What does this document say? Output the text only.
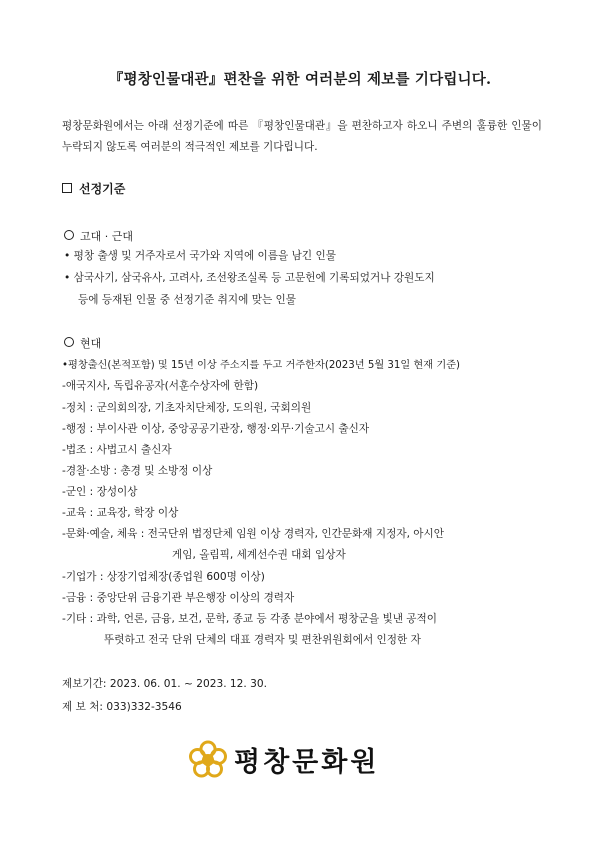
『평창인물대관』편찬을 위한 여러분의 제보를 기다립니다.
평창문화원에서는 아래 선정기준에 따른 『평창인물대관』을 편찬하고자 하오니 주변의 훌륭한 인물이 누락되지 않도록 여러분의 적극적인 제보를 기다립니다.
선정기준
고대 · 근대
• 평창 출생 및 거주자로서 국가와 지역에 이름을 남긴 인물
• 삼국사기, 삼국유사, 고려사, 조선왕조실록 등 고문헌에 기록되었거나 강원도지
등에 등재된 인물 중 선정기준 취지에 맞는 인물
현대
•평창출신(본적포함) 및 15년 이상 주소지를 두고 거주한자(2023년 5월 31일 현재 기준)
-애국지사, 독립유공자(서훈수상자에 한함)
-정치 : 군의회의장, 기초자치단체장, 도의원, 국회의원
-행정 : 부이사관 이상, 중앙공공기관장, 행정·외무·기술고시 출신자
-법조 : 사법고시 출신자
-경찰·소방 : 총경 및 소방정 이상
-군인 : 장성이상
-교육 : 교육장, 학장 이상
-문화·예술, 체육 : 전국단위 법정단체 임원 이상 경력자, 인간문화재 지정자, 아시안
게임, 올림픽, 세계선수권 대회 입상자
-기업가 : 상장기업체장(종업원 600명 이상)
-금융 : 중앙단위 금융기관 부은행장 이상의 경력자
-기타 : 과학, 언론, 금융, 보건, 문학, 종교 등 각종 분야에서 평창군을 빛낸 공적이
뚜렷하고 전국 단위 단체의 대표 경력자 및 편찬위원회에서 인정한 자
제보기간: 2023. 06. 01. ~ 2023. 12. 30.
제 보 처: 033)332-3546
평창문화원
